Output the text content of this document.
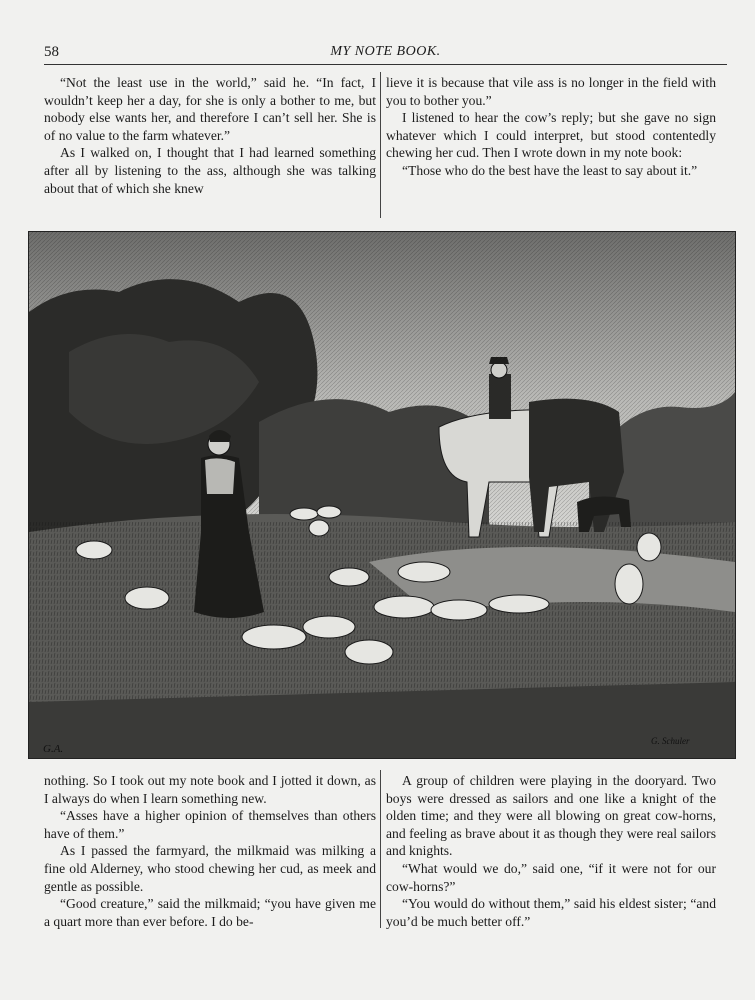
58	MY NOTE BOOK.

“Not the least use in the world,” said he. “In fact, I wouldn’t keep her a day, for she is only a bother to me, but nobody else wants her, and therefore I can’t sell her. She is of no value to the farm whatever.”

As I walked on, I thought that I had learned something after all by listening to the ass, although she was talking about that of which she knew

lieve it is because that vile ass is no longer in the field with you to bother you.”

I listened to hear the cow’s reply; but she gave no sign whatever which I could interpret, but stood contentedly chewing her cud. Then I wrote down in my note book:

“Those who do the best have the least to say about it.”

G.A.
G. Schuler

nothing. So I took out my note book and I jotted it down, as I always do when I learn something new.

“Asses have a higher opinion of themselves than others have of them.”

As I passed the farmyard, the milkmaid was milking a fine old Alderney, who stood chewing her cud, as meek and gentle as possible.

“Good creature,” said the milkmaid; “you have given me a quart more than ever before. I do be-

A group of children were playing in the dooryard. Two boys were dressed as sailors and one like a knight of the olden time; and they were all blowing on great cow-horns, and feeling as brave about it as though they were real sailors and knights.

“What would we do,” said one, “if it were not for our cow-horns?”

“You would do without them,” said his eldest sister; “and you’d be much better off.”
